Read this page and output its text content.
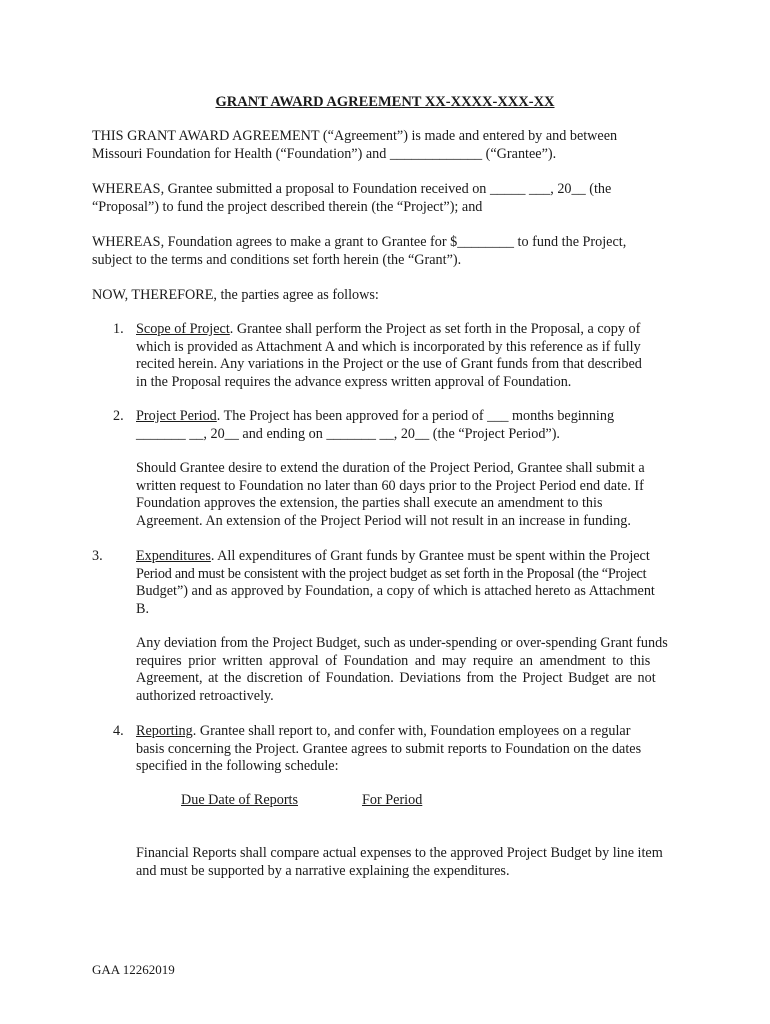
GRANT AWARD AGREEMENT XX-XXXX-XXX-XX
THIS GRANT AWARD AGREEMENT (“Agreement”) is made and entered by and between
Missouri Foundation for Health (“Foundation”) and _____________ (“Grantee”).
WHEREAS, Grantee submitted a proposal to Foundation received on _____ ___, 20__ (the
“Proposal”) to fund the project described therein (the “Project”); and
WHEREAS, Foundation agrees to make a grant to Grantee for $________ to fund the Project,
subject to the terms and conditions set forth herein (the “Grant”).
NOW, THEREFORE, the parties agree as follows:
1. Scope of Project. Grantee shall perform the Project as set forth in the Proposal, a copy of
which is provided as Attachment A and which is incorporated by this reference as if fully
recited herein. Any variations in the Project or the use of Grant funds from that described
in the Proposal requires the advance express written approval of Foundation.
2. Project Period. The Project has been approved for a period of ___ months beginning
_______ __, 20__ and ending on _______ __, 20__ (the “Project Period”).
Should Grantee desire to extend the duration of the Project Period, Grantee shall submit a
written request to Foundation no later than 60 days prior to the Project Period end date. If
Foundation approves the extension, the parties shall execute an amendment to this
Agreement. An extension of the Project Period will not result in an increase in funding.
3. Expenditures. All expenditures of Grant funds by Grantee must be spent within the Project
Period and must be consistent with the project budget as set forth in the Proposal (the “Project
Budget”) and as approved by Foundation, a copy of which is attached hereto as Attachment
B.
Any deviation from the Project Budget, such as under-spending or over-spending Grant funds
requires prior written approval of Foundation and may require an amendment to this
Agreement, at the discretion of Foundation. Deviations from the Project Budget are not
authorized retroactively.
4. Reporting. Grantee shall report to, and confer with, Foundation employees on a regular
basis concerning the Project. Grantee agrees to submit reports to Foundation on the dates
specified in the following schedule:
Due Date of Reports	For Period
Financial Reports shall compare actual expenses to the approved Project Budget by line item
and must be supported by a narrative explaining the expenditures.
GAA 12262019
